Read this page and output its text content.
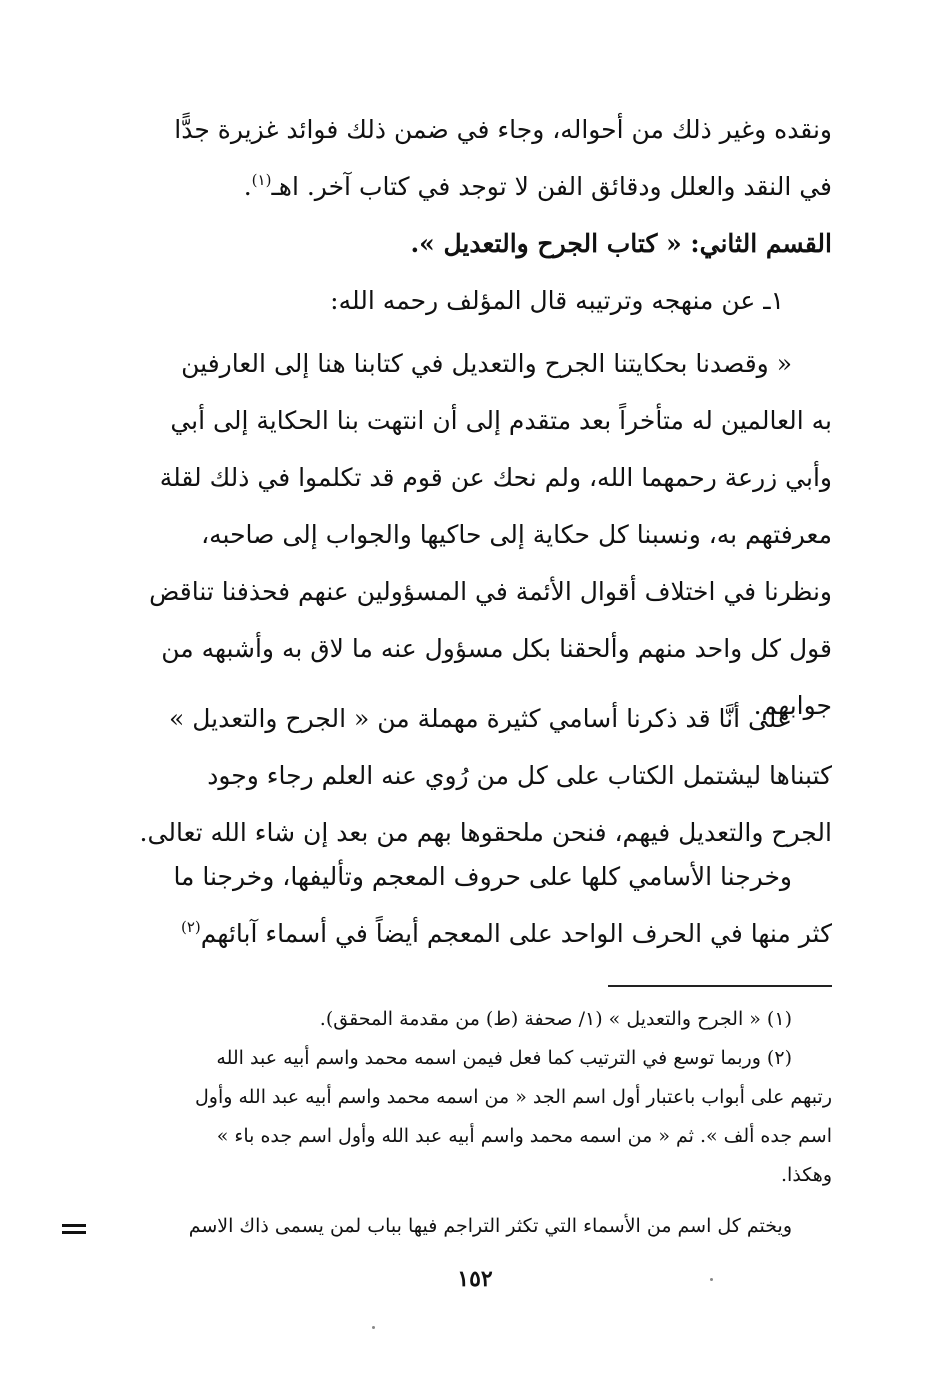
ونقده وغير ذلك من أحواله، وجاء في ضمن ذلك فوائد غزيرة جدًّا
في النقد والعلل ودقائق الفن لا توجد في كتاب آخر. اهـ$^{(١)}$.
القسم الثاني: « كتاب الجرح والتعديل ».
١ـ عن منهجه وترتيبه قال المؤلف رحمه الله:
« وقصدنا بحكايتنا الجرح والتعديل في كتابنا هنا إلى العارفين
به العالمين له متأخراً بعد متقدم إلى أن انتهت بنا الحكاية إلى أبي
وأبي زرعة رحمهما الله، ولم نحك عن قوم قد تكلموا في ذلك لقلة
معرفتهم به، ونسبنا كل حكاية إلى حاكيها والجواب إلى صاحبه،
ونظرنا في اختلاف أقوال الأئمة في المسؤولين عنهم فحذفنا تناقض
قول كل واحد منهم وألحقنا بكل مسؤول عنه ما لاق به وأشبهه من
جوابهم.
على أنَّا قد ذكرنا أسامي كثيرة مهملة من « الجرح والتعديل »
كتبناها ليشتمل الكتاب على كل من رُوي عنه العلم رجاء وجود
الجرح والتعديل فيهم، فنحن ملحقوها بهم من بعد إن شاء الله تعالى.
وخرجنا الأسامي كلها على حروف المعجم وتأليفها، وخرجنا ما
كثر منها في الحرف الواحد على المعجم أيضاً في أسماء آبائهم$^{(٢)}$
(١) « الجرح والتعديل » (١/ صحفة (ط) من مقدمة المحقق).
(٢) وربما توسع في الترتيب كما فعل فيمن اسمه محمد واسم أبيه عبد الله
رتبهم على أبواب باعتبار أول اسم الجد « من اسمه محمد واسم أبيه عبد الله وأول
اسم جده ألف ». ثم « من اسمه محمد واسم أبيه عبد الله وأول اسم جده باء »
وهكذا.
ويختم كل اسم من الأسماء التي تكثر التراجم فيها بباب لمن يسمى ذاك الاسم
١٥٢
